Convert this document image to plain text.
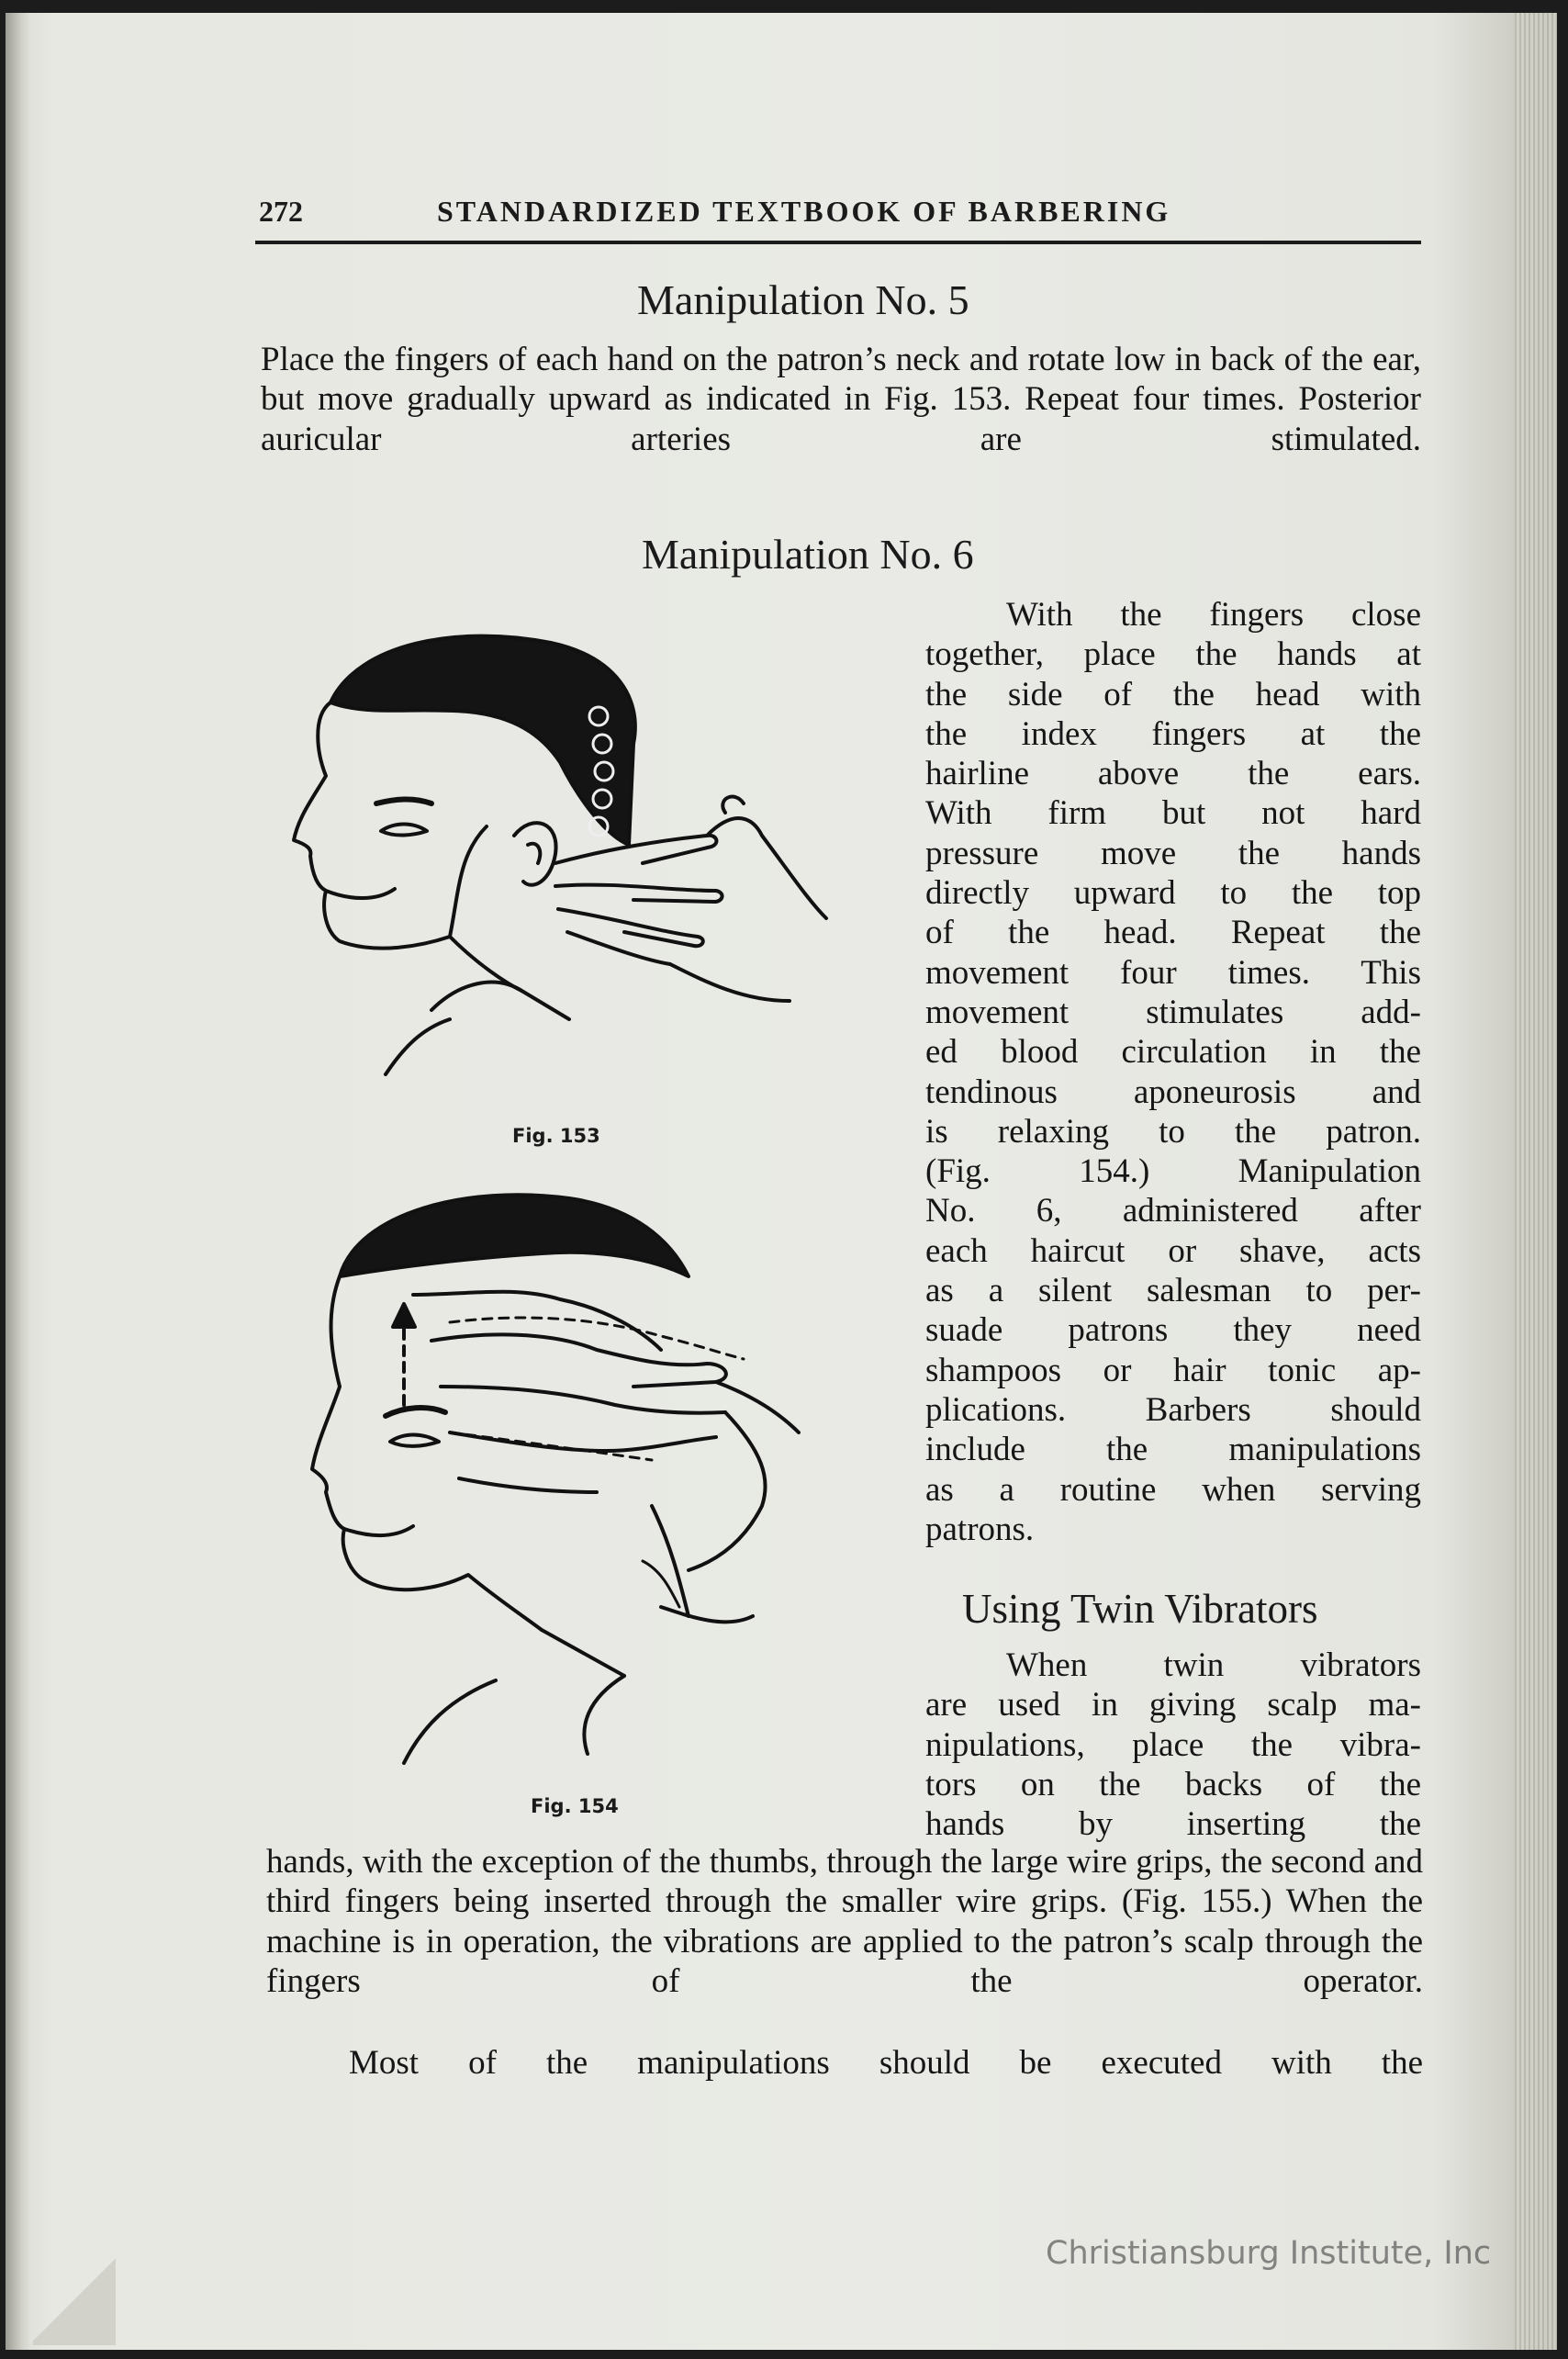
272	STANDARDIZED TEXTBOOK OF BARBERING
Manipulation No. 5

Place the fingers of each hand on the patron’s neck and rotate low in back of the ear, but move gradually upward as indicated in Fig. 153. Repeat four times. Posterior auricular arteries are stimulated.

Manipulation No. 6
With the fingers close
together, place the hands at
the side of the head with
the index fingers at the
hairline above the ears.
With firm but not hard
pressure move the hands
directly upward to the top
of the head. Repeat the
movement four times. This
movement stimulates add-
ed blood circulation in the
tendinous aponeurosis and
is relaxing to the patron.
(Fig. 154.) Manipulation
No. 6, administered after
each haircut or shave, acts
as a silent salesman to per-
suade patrons they need
shampoos or hair tonic ap-
plications. Barbers should
include the manipulations
as a routine when serving
patrons.
Using Twin Vibrators
When twin vibrators
are used in giving scalp ma-
nipulations, place the vibra-
tors on the backs of the
hands by inserting the

hands, with the exception of the thumbs, through the large wire grips, the second and third fingers being inserted through the smaller wire grips. (Fig. 155.) When the machine is in operation, the vibrations are applied to the patron’s scalp through the fingers of the operator.

Most of the manipulations should be executed with the

Fig. 153
Fig. 154
Christiansburg Institute, Inc
